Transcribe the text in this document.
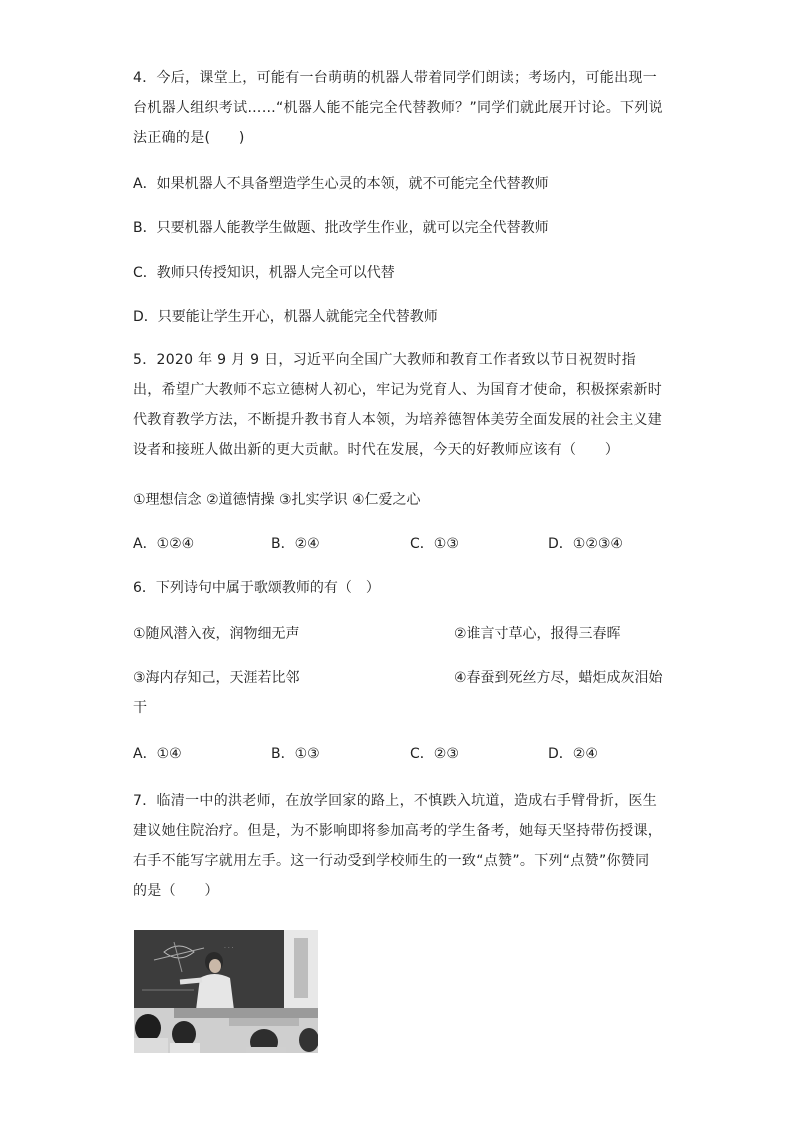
4．今后，课堂上，可能有一台萌萌的机器人带着同学们朗读；考场内，可能出现一台机器人组织考试……“机器人能不能完全代替教师？”同学们就此展开讨论。下列说法正确的是(　　)
A．如果机器人不具备塑造学生心灵的本领，就不可能完全代替教师
B．只要机器人能教学生做题、批改学生作业，就可以完全代替教师
C．教师只传授知识，机器人完全可以代替
D．只要能让学生开心，机器人就能完全代替教师
5．2020 年 9 月 9 日，习近平向全国广大教师和教育工作者致以节日祝贺时指出，希望广大教师不忘立德树人初心，牢记为党育人、为国育才使命，积极探索新时代教育教学方法，不断提升教书育人本领，为培养德智体美劳全面发展的社会主义建设者和接班人做出新的更大贡献。时代在发展，今天的好教师应该有（　　）
①理想信念 ②道德情操 ③扎实学识 ④仁爱之心
A．①②④	B．②④	C．①③	D．①②③④
6．下列诗句中属于歌颂教师的有（　）
①随风潜入夜，润物细无声	②谁言寸草心，报得三春晖
③海内存知己，天涯若比邻	④春蚕到死丝方尽，蜡炬成灰泪始
干
A．①④	B．①③	C．②③	D．②④
7．临清一中的洪老师，在放学回家的路上，不慎跌入坑道，造成右手臂骨折，医生建议她住院治疗。但是，为不影响即将参加高考的学生备考，她每天坚持带伤授课，右手不能写字就用左手。这一行动受到学校师生的一致“点赞”。下列“点赞”你赞同的是（　　）
· · ·
